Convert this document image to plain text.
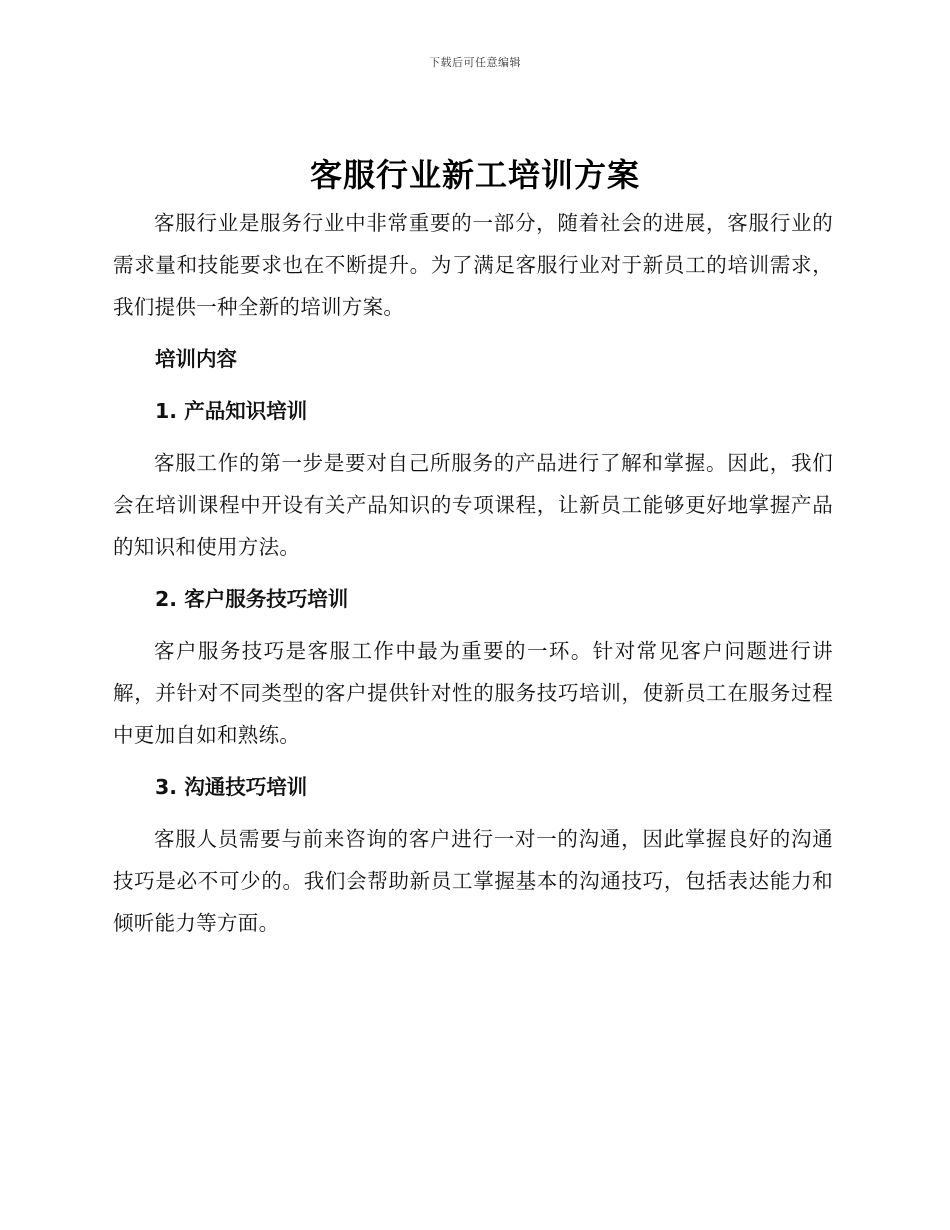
下载后可任意编辑
客服行业新工培训方案

客服行业是服务行业中非常重要的一部分，随着社会的进展，客服行业的需求量和技能要求也在不断提升。为了满足客服行业对于新员工的培训需求，我们提供一种全新的培训方案。

培训内容
1. 产品知识培训

客服工作的第一步是要对自己所服务的产品进行了解和掌握。因此，我们会在培训课程中开设有关产品知识的专项课程，让新员工能够更好地掌握产品的知识和使用方法。

2. 客户服务技巧培训

客户服务技巧是客服工作中最为重要的一环。针对常见客户问题进行讲解，并针对不同类型的客户提供针对性的服务技巧培训，使新员工在服务过程中更加自如和熟练。

3. 沟通技巧培训

客服人员需要与前来咨询的客户进行一对一的沟通，因此掌握良好的沟通技巧是必不可少的。我们会帮助新员工掌握基本的沟通技巧，包括表达能力和倾听能力等方面。
